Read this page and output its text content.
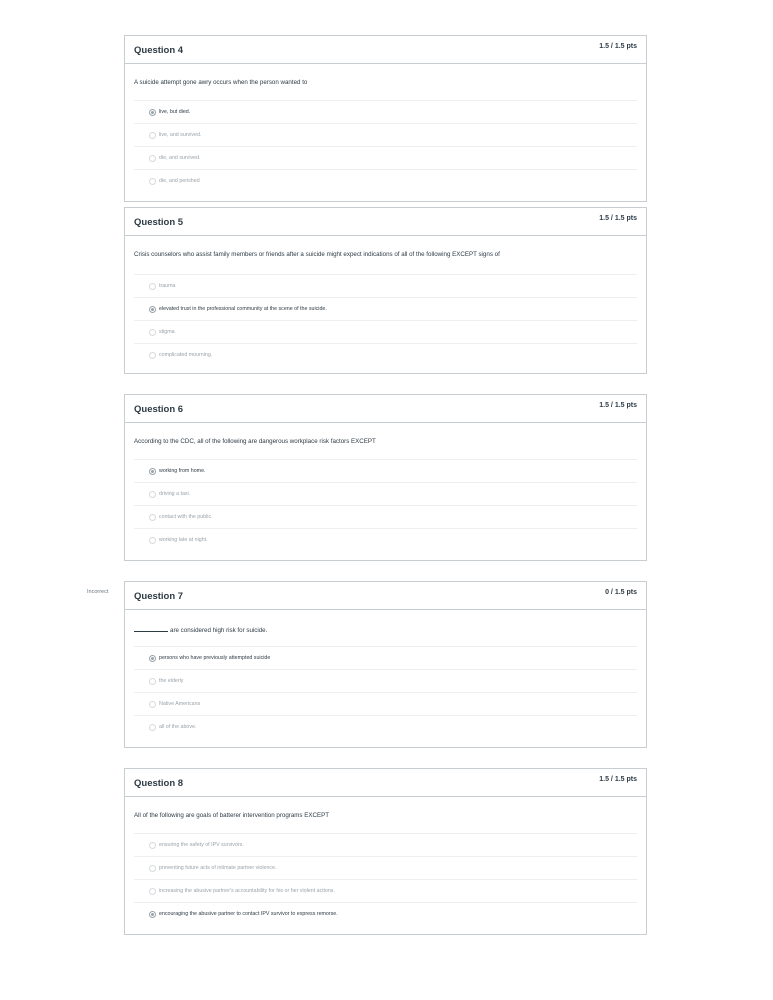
Question 4	1.5 / 1.5 pts
A suicide attempt gone awry occurs when the person wanted to
live, but died.
live, and survived.
die, and survived.
die, and perished
Question 5	1.5 / 1.5 pts
Crisis counselors who assist family members or friends after a suicide might expect indications of all of the following EXCEPT signs of
trauma
elevated trust in the professional community at the scene of the suicide.
stigma
complicated mourning.
Question 6	1.5 / 1.5 pts
According to the CDC, all of the following are dangerous workplace risk factors EXCEPT
working from home.
driving a taxi.
contact with the public.
working late at night.
Incorrect	Question 7	0 / 1.5 pts
are considered high risk for suicide.
persons who have previously attempted suicide
the elderly
Native Americans
all of the above.
Question 8	1.5 / 1.5 pts
All of the following are goals of batterer intervention programs EXCEPT
ensuring the safety of IPV survivors.
preventing future acts of intimate partner violence.
increasing the abusive partner's accountability for his or her violent actions.
encouraging the abusive partner to contact IPV survivor to express remorse.
